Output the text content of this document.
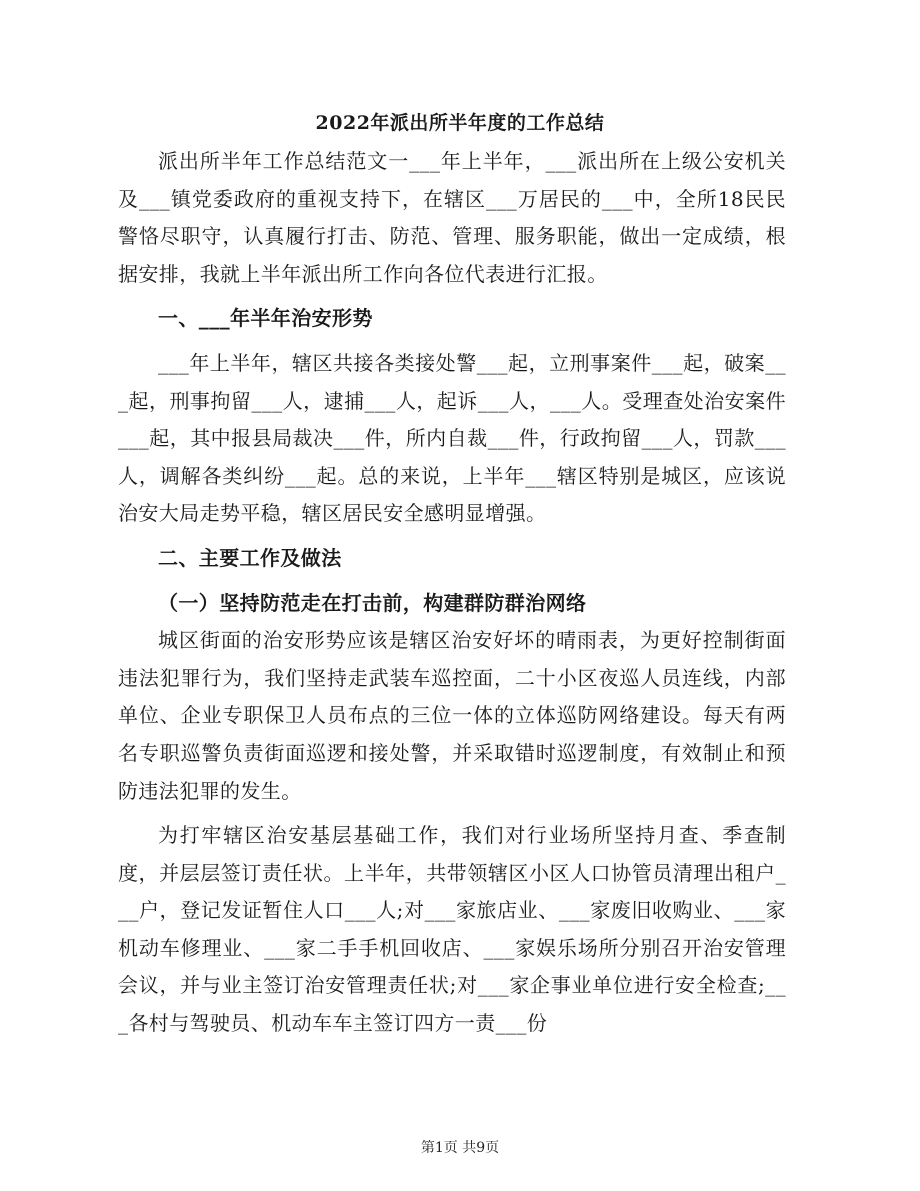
2022年派出所半年度的工作总结

派出所半年工作总结范文一___年上半年，___派出所在上级公安机关及___镇党委政府的重视支持下，在辖区___万居民的___中，全所18民民警恪尽职守，认真履行打击、防范、管理、服务职能，做出一定成绩，根据安排，我就上半年派出所工作向各位代表进行汇报。

一、___年半年治安形势

___年上半年，辖区共接各类接处警___起，立刑事案件___起，破案___起，刑事拘留___人，逮捕___人，起诉___人，___人。受理查处治安案件___起，其中报县局裁决___件，所内自裁___件，行政拘留___人，罚款___人，调解各类纠纷___起。总的来说，上半年___辖区特别是城区，应该说治安大局走势平稳，辖区居民安全感明显增强。

二、主要工作及做法

（一）坚持防范走在打击前，构建群防群治网络

城区街面的治安形势应该是辖区治安好坏的晴雨表，为更好控制街面违法犯罪行为，我们坚持走武装车巡控面，二十小区夜巡人员连线，内部单位、企业专职保卫人员布点的三位一体的立体巡防网络建设。每天有两名专职巡警负责街面巡逻和接处警，并采取错时巡逻制度，有效制止和预防违法犯罪的发生。

为打牢辖区治安基层基础工作，我们对行业场所坚持月查、季查制度，并层层签订责任状。上半年，共带领辖区小区人口协管员清理出租户___户，登记发证暂住人口___人;对___家旅店业、___家废旧收购业、___家机动车修理业、___家二手手机回收店、___家娱乐场所分别召开治安管理会议，并与业主签订治安管理责任状;对___家企事业单位进行安全检查;___各村与驾驶员、机动车车主签订四方一责___份

第1页 共9页
